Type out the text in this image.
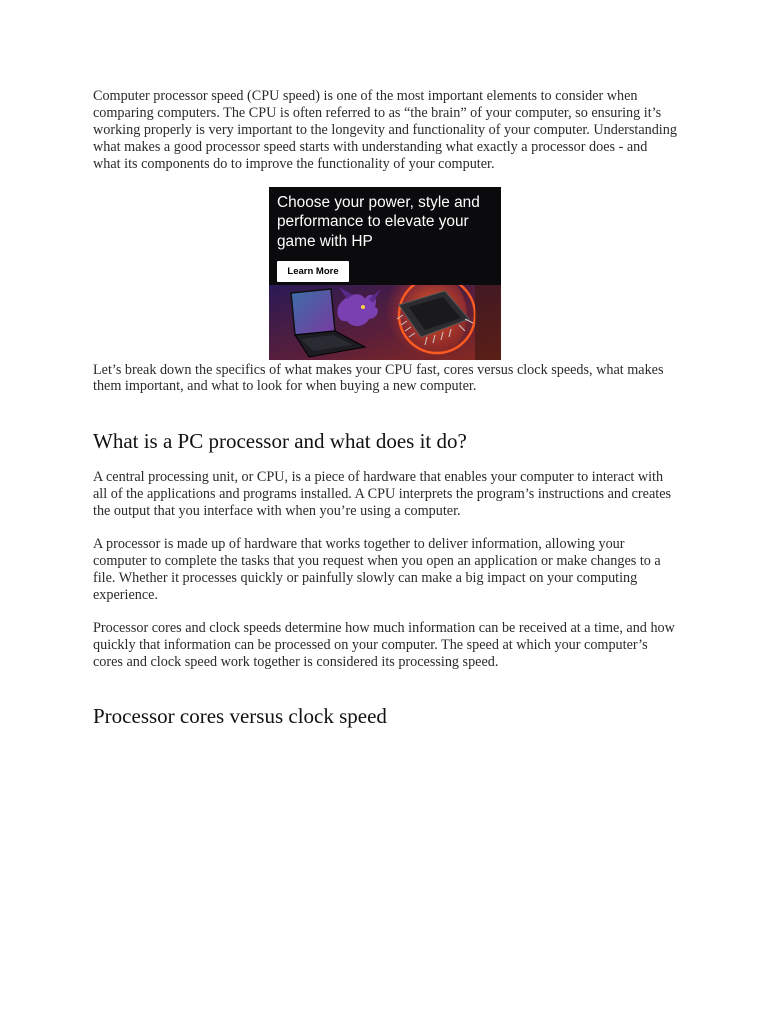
Computer processor speed (CPU speed) is one of the most important elements to consider when comparing computers. The CPU is often referred to as “the brain” of your computer, so ensuring it’s working properly is very important to the longevity and functionality of your computer. Understanding what makes a good processor speed starts with understanding what exactly a processor does - and what its components do to improve the functionality of your computer.

Choose your power, style and performance to elevate your game with HP
Learn More

Let’s break down the specifics of what makes your CPU fast, cores versus clock speeds, what makes them important, and what to look for when buying a new computer.

What is a PC processor and what does it do?

A central processing unit, or CPU, is a piece of hardware that enables your computer to interact with all of the applications and programs installed. A CPU interprets the program’s instructions and creates the output that you interface with when you’re using a computer.

A processor is made up of hardware that works together to deliver information, allowing your computer to complete the tasks that you request when you open an application or make changes to a file. Whether it processes quickly or painfully slowly can make a big impact on your computing experience.

Processor cores and clock speeds determine how much information can be received at a time, and how quickly that information can be processed on your computer. The speed at which your computer’s cores and clock speed work together is considered its processing speed.

Processor cores versus clock speed
